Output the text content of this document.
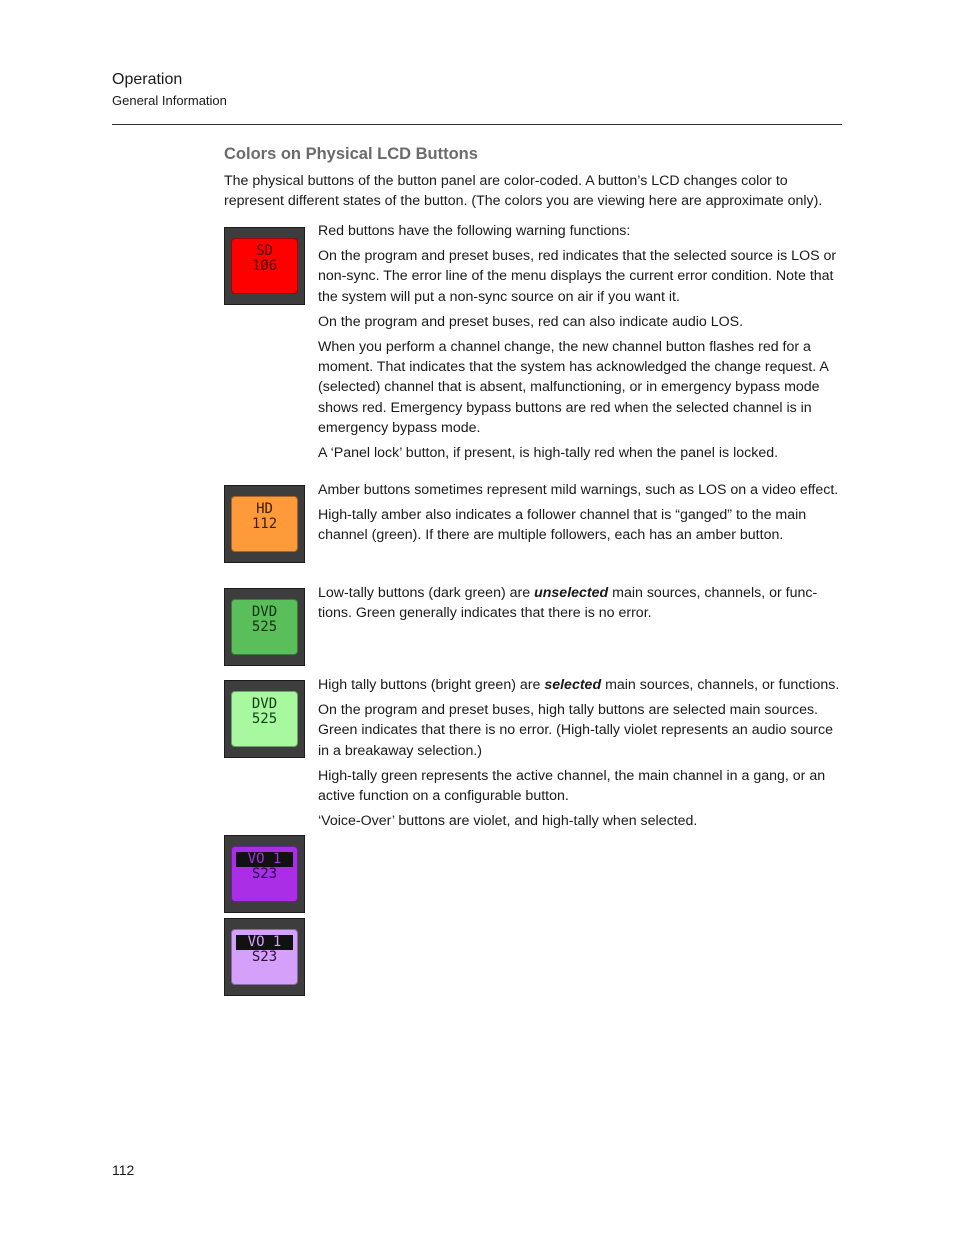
Operation
General Information
Colors on Physical LCD Buttons
The physical buttons of the button panel are color-coded. A button’s LCD changes color to represent different states of the button. (The colors you are viewing here are approximate only).
SD
1Ø6
HD
112
DVD
525
DVD
525
VO 1
S23
VO 1
S23

Red buttons have the following warning functions:

On the program and preset buses, red indicates that the selected source is LOS or non-sync. The error line of the menu displays the current error condition. Note that the system will put a non-sync source on air if you want it.

On the program and preset buses, red can also indicate audio LOS.

When you perform a channel change, the new channel button flashes red for a moment. That indicates that the system has acknowledged the change request. A (selected) channel that is absent, malfunctioning, or in emergency bypass mode shows red. Emergency bypass buttons are red when the selected channel is in emergency bypass mode.

A ‘Panel lock’ button, if present, is high-tally red when the panel is locked.

Amber buttons sometimes represent mild warnings, such as LOS on a video effect.

High-tally amber also indicates a follower channel that is “ganged” to the main channel (green). If there are multiple followers, each has an amber button.

Low-tally buttons (dark green) are unselected main sources, channels, or func-tions. Green generally indicates that there is no error.

High tally buttons (bright green) are selected main sources, channels, or functions.

On the program and preset buses, high tally buttons are selected main sources. Green indicates that there is no error. (High-tally violet represents an audio source in a breakaway selection.)

High-tally green represents the active channel, the main channel in a gang, or an active function on a configurable button.

‘Voice-Over’ buttons are violet, and high-tally when selected.

112
